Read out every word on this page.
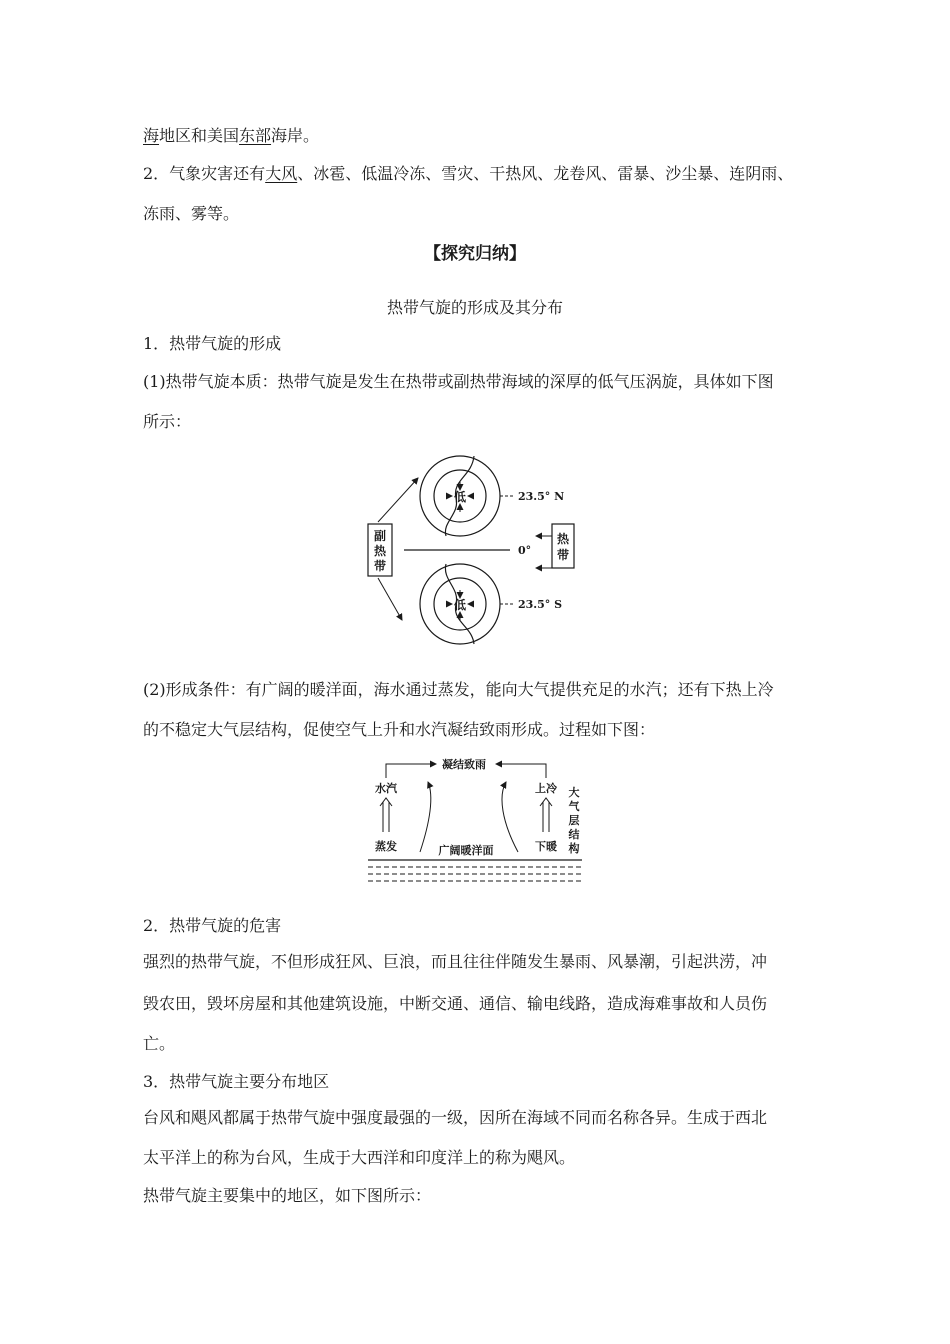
海地区和美国东部海岸。
2．气象灾害还有大风、冰雹、低温冷冻、雪灾、干热风、龙卷风、雷暴、沙尘暴、连阴雨、
冻雨、雾等。
【探究归纳】
热带气旋的形成及其分布
1．热带气旋的形成
(1)热带气旋本质：热带气旋是发生在热带或副热带海域的深厚的低气压涡旋，具体如下图
所示：
低	23.5° N
0°
低	23.5° S
副
热
带
热
带
(2)形成条件：有广阔的暖洋面，海水通过蒸发，能向大气提供充足的水汽；还有下热上冷
的不稳定大气层结构，促使空气上升和水汽凝结致雨形成。过程如下图：
凝结致雨
水汽	上冷
蒸发	广阔暖洋面	下暖
大
气
层
结
构
2．热带气旋的危害
强烈的热带气旋，不但形成狂风、巨浪，而且往往伴随发生暴雨、风暴潮，引起洪涝，冲
毁农田，毁坏房屋和其他建筑设施，中断交通、通信、输电线路，造成海难事故和人员伤
亡。
3．热带气旋主要分布地区
台风和飓风都属于热带气旋中强度最强的一级，因所在海域不同而名称各异。生成于西北
太平洋上的称为台风，生成于大西洋和印度洋上的称为飓风。
热带气旋主要集中的地区，如下图所示：
